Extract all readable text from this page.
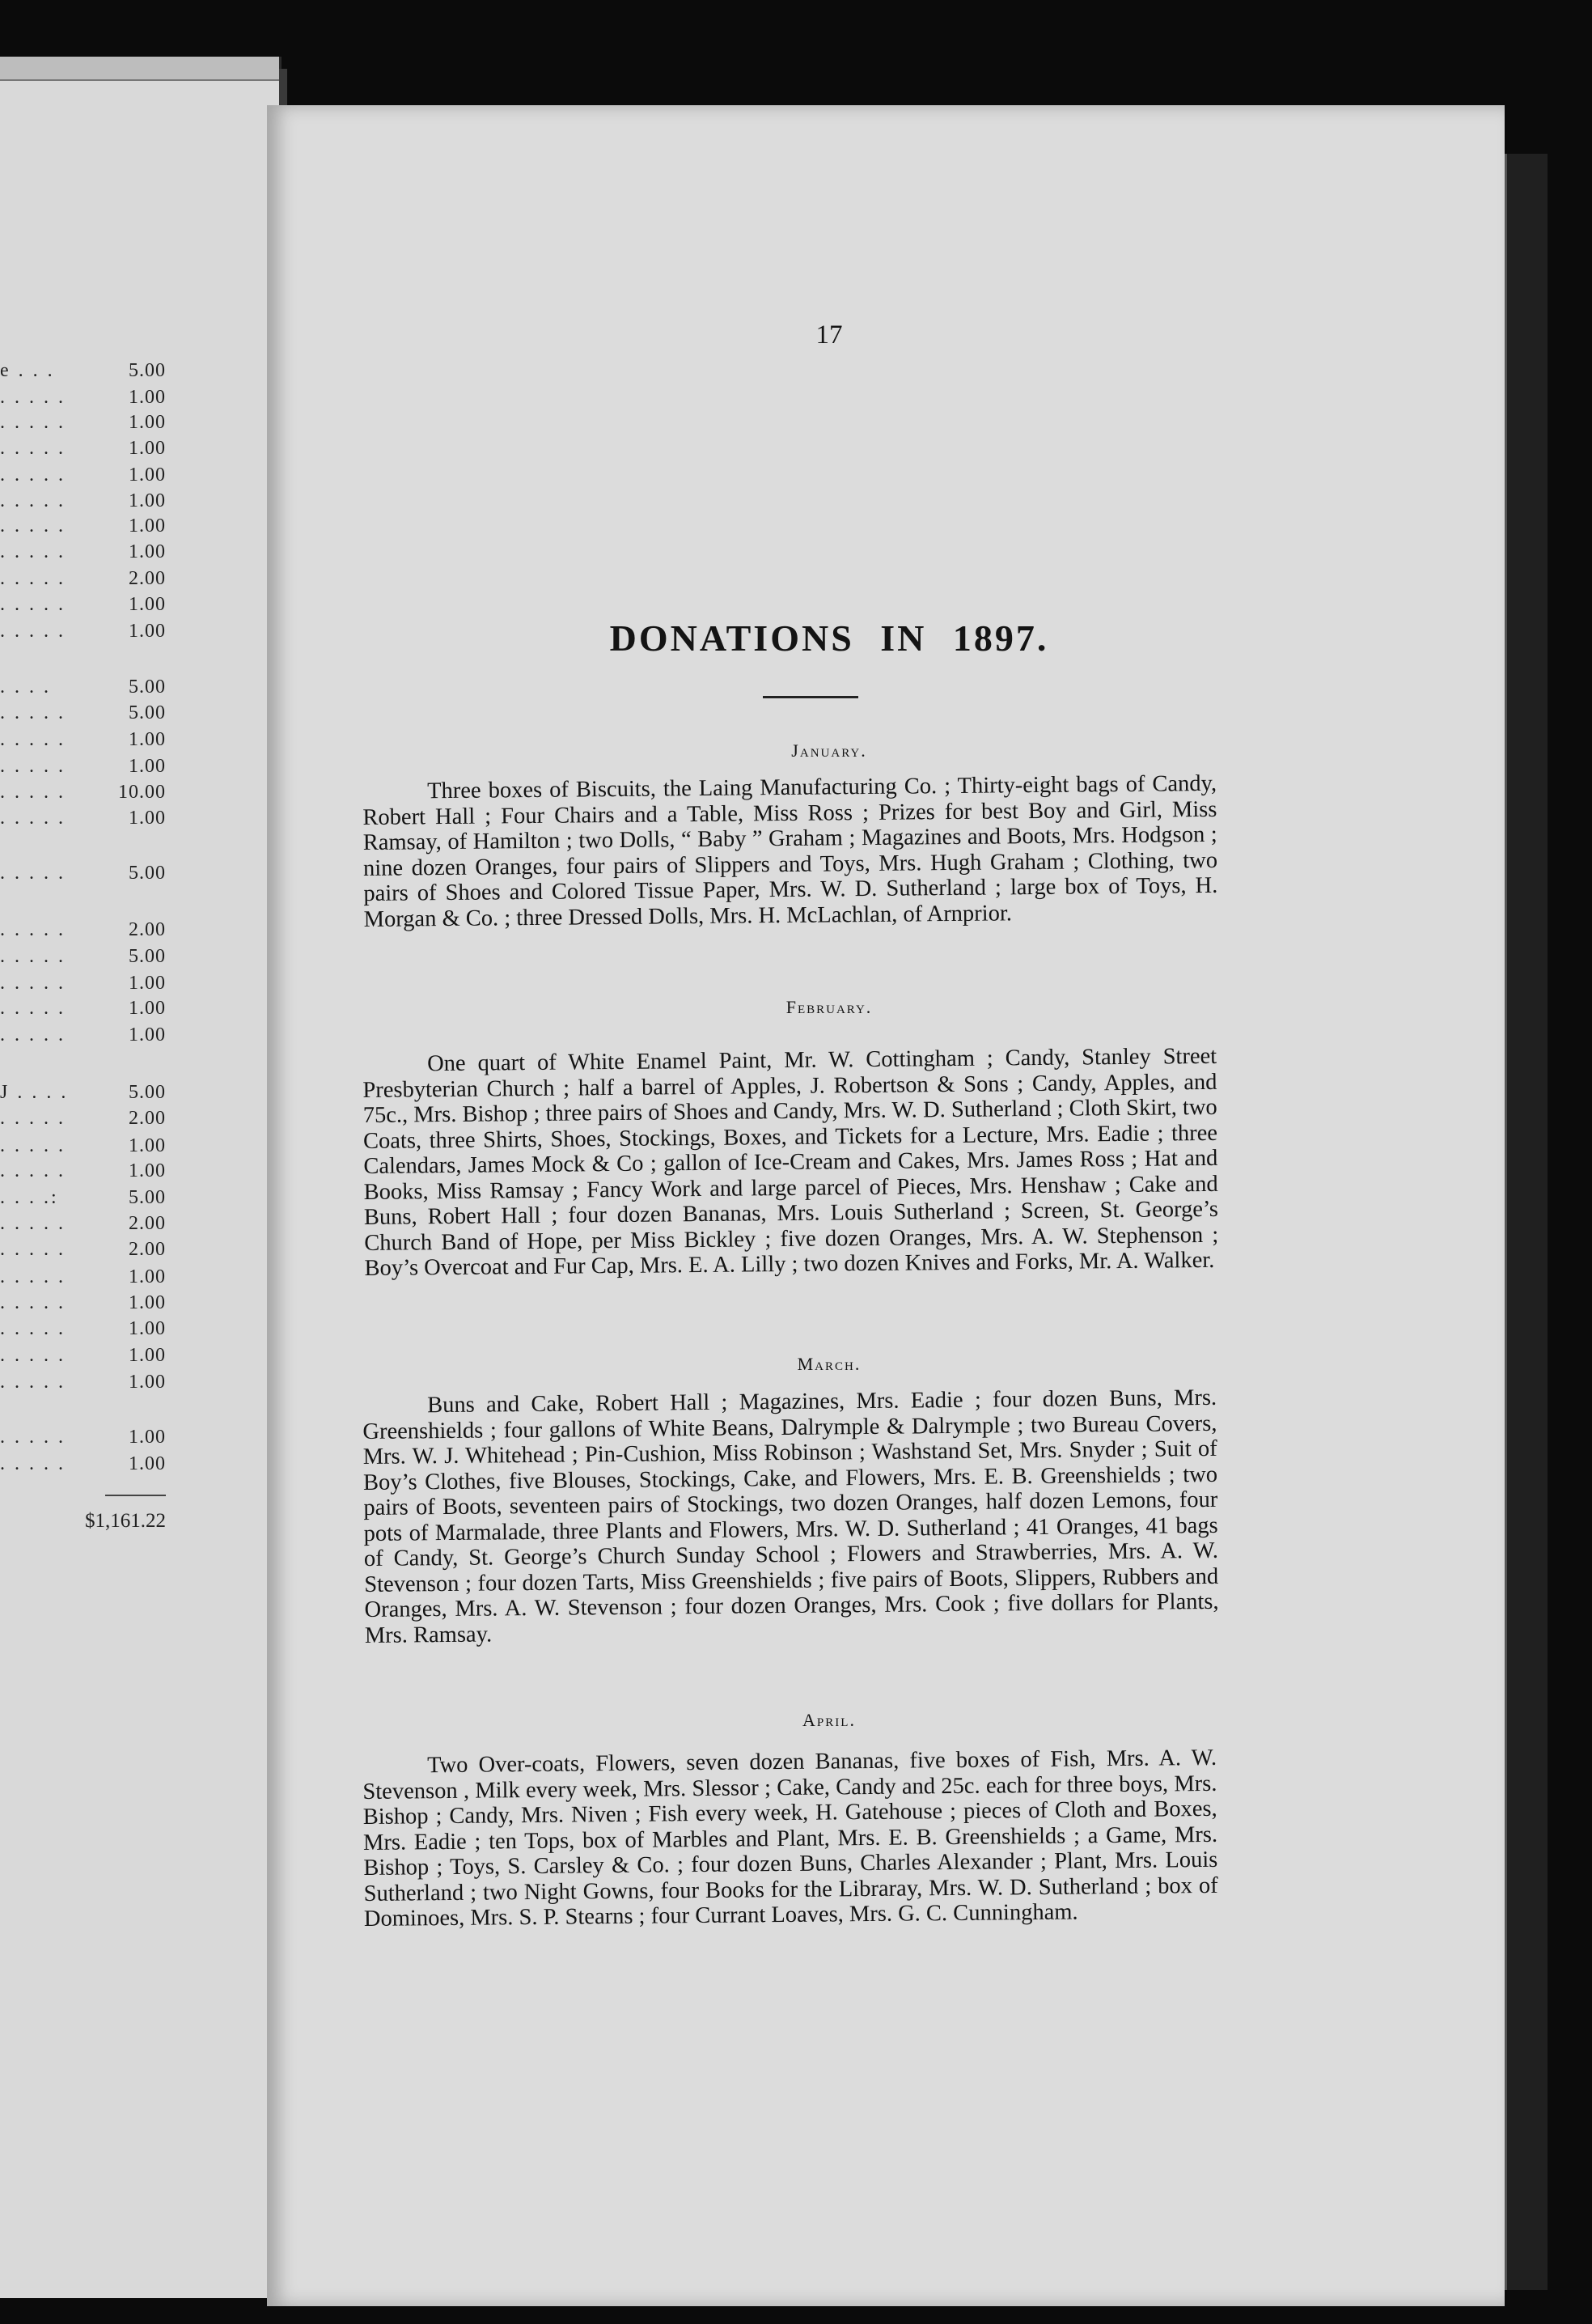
e . . .	5.00
. . . . .	1.00
. . . . .	1.00
. . . . .	1.00
. . . . .	1.00
. . . . .	1.00
. . . . .	1.00
. . . . .	1.00
. . . . .	2.00
. . . . .	1.00
. . . . .	1.00
. . . .	5.00
. . . . .	5.00
. . . . .	1.00
. . . . .	1.00
. . . . .	10.00
. . . . .	1.00
. . . . .	5.00
. . . . .	2.00
. . . . .	5.00
. . . . .	1.00
. . . . .	1.00
. . . . .	1.00
J . . . .	5.00
. . . . .	2.00
. . . . .	1.00
. . . . .	1.00
. . . .:	5.00
. . . . .	2.00
. . . . .	2.00
. . . . .	1.00
. . . . .	1.00
. . . . .	1.00
. . . . .	1.00
. . . . .	1.00
. . . . .	1.00
. . . . .	1.00
$1,161.22
17
DONATIONS IN 1897.
January.

Three boxes of Biscuits, the Laing Manufacturing Co. ; Thirty-eight bags of Candy, Robert Hall ; Four Chairs and a Table, Miss Ross ; Prizes for best Boy and Girl, Miss Ramsay, of Hamilton ; two Dolls, “ Baby ” Graham ; Magazines and Boots, Mrs. Hodgson ; nine dozen Oranges, four pairs of Slippers and Toys, Mrs. Hugh Graham ; Clothing, two pairs of Shoes and Colored Tissue Paper, Mrs. W. D. Sutherland ; large box of Toys, H. Morgan & Co. ; three Dressed Dolls, Mrs. H. McLachlan, of Arnprior.

February.

One quart of White Enamel Paint, Mr. W. Cottingham ; Candy, Stanley Street Presbyterian Church ; half a barrel of Apples, J. Robertson & Sons ; Candy, Apples, and 75c., Mrs. Bishop ; three pairs of Shoes and Candy, Mrs. W. D. Sutherland ; Cloth Skirt, two Coats, three Shirts, Shoes, Stockings, Boxes, and Tickets for a Lecture, Mrs. Eadie ; three Calendars, James Mock & Co ; gallon of Ice-Cream and Cakes, Mrs. James Ross ; Hat and Books, Miss Ramsay ; Fancy Work and large parcel of Pieces, Mrs. Henshaw ; Cake and Buns, Robert Hall ; four dozen Bananas, Mrs. Louis Sutherland ; Screen, St. George’s Church Band of Hope, per Miss Bickley ; five dozen Oranges, Mrs. A. W. Stephenson ; Boy’s Overcoat and Fur Cap, Mrs. E. A. Lilly ; two dozen Knives and Forks, Mr. A. Walker.

March.

Buns and Cake, Robert Hall ; Magazines, Mrs. Eadie ; four dozen Buns, Mrs. Greenshields ; four gallons of White Beans, Dalrymple & Dalrymple ; two Bureau Covers, Mrs. W. J. Whitehead ; Pin-Cushion, Miss Robinson ; Washstand Set, Mrs. Snyder ; Suit of Boy’s Clothes, five Blouses, Stockings, Cake, and Flowers, Mrs. E. B. Greenshields ; two pairs of Boots, seventeen pairs of Stockings, two dozen Oranges, half dozen Lemons, four pots of Marmalade, three Plants and Flowers, Mrs. W. D. Sutherland ; 41 Oranges, 41 bags of Candy, St. George’s Church Sunday School ; Flowers and Strawberries, Mrs. A. W. Stevenson ; four dozen Tarts, Miss Greenshields ; five pairs of Boots, Slippers, Rubbers and Oranges, Mrs. A. W. Stevenson ; four dozen Oranges, Mrs. Cook ; five dollars for Plants, Mrs. Ramsay.

April.

Two Over-coats, Flowers, seven dozen Bananas, five boxes of Fish, Mrs. A. W. Stevenson , Milk every week, Mrs. Slessor ; Cake, Candy and 25c. each for three boys, Mrs. Bishop ; Candy, Mrs. Niven ; Fish every week, H. Gatehouse ; pieces of Cloth and Boxes, Mrs. Eadie ; ten Tops, box of Marbles and Plant, Mrs. E. B. Greenshields ; a Game, Mrs. Bishop ; Toys, S. Carsley & Co. ; four dozen Buns, Charles Alexander ; Plant, Mrs. Louis Sutherland ; two Night Gowns, four Books for the Libraray, Mrs. W. D. Sutherland ; box of Dominoes, Mrs. S. P. Stearns ; four Currant Loaves, Mrs. G. C. Cunningham.
